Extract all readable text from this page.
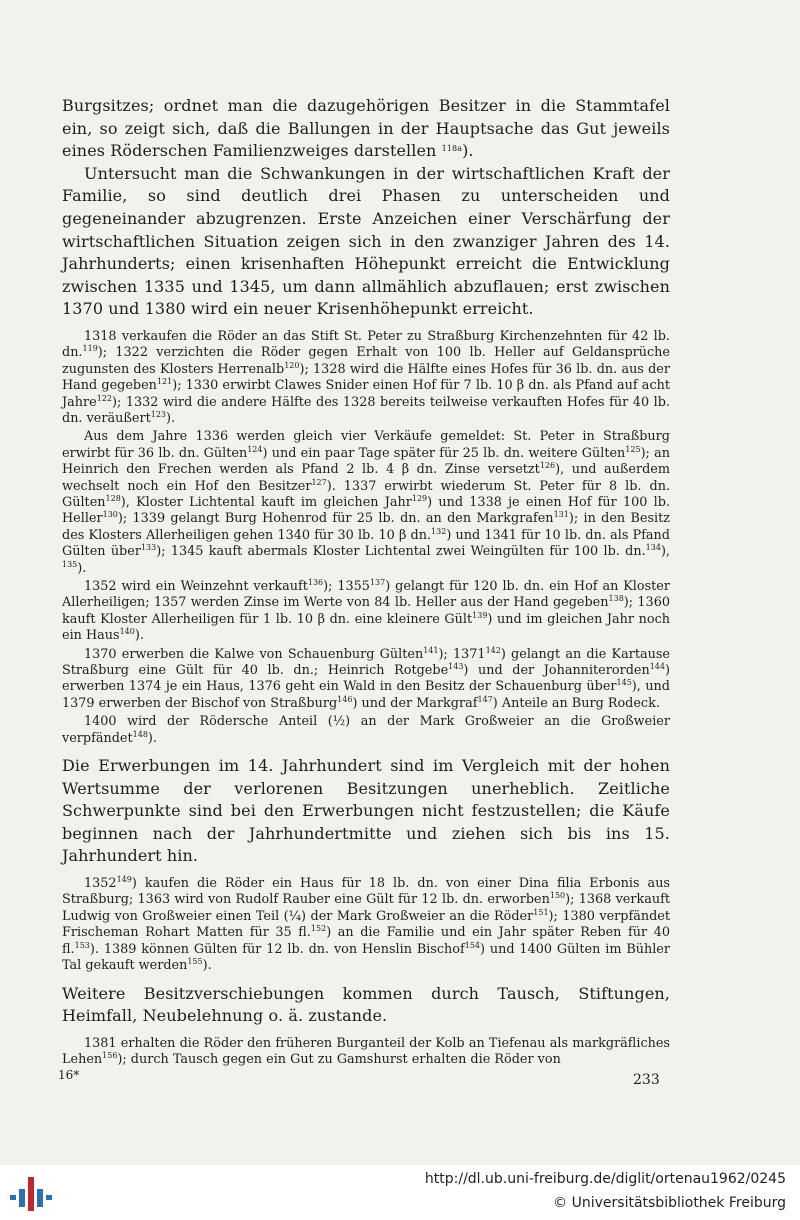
Burgsitzes; ordnet man die dazugehörigen Besitzer in die Stammtafel ein, so zeigt sich, daß die Ballungen in der Hauptsache das Gut jeweils eines Röderschen Familienzweiges darstellen $^{118a}$).

Untersucht man die Schwankungen in der wirtschaftlichen Kraft der Familie, so sind deutlich drei Phasen zu unterscheiden und gegeneinander abzugrenzen. Erste Anzeichen einer Verschärfung der wirtschaftlichen Situation zeigen sich in den zwanziger Jahren des 14. Jahrhunderts; einen krisenhaften Höhepunkt erreicht die Entwicklung zwischen 1335 und 1345, um dann allmählich abzuflauen; erst zwischen 1370 und 1380 wird ein neuer Krisenhöhepunkt erreicht.

1318 verkaufen die Röder an das Stift St. Peter zu Straßburg Kirchenzehnten für 42 lb. dn.$^{119}$); 1322 verzichten die Röder gegen Erhalt von 100 lb. Heller auf Geldansprüche zugunsten des Klosters Herrenalb$^{120}$); 1328 wird die Hälfte eines Hofes für 36 lb. dn. aus der Hand gegeben$^{121}$); 1330 erwirbt Clawes Snider einen Hof für 7 lb. 10 β dn. als Pfand auf acht Jahre$^{122}$); 1332 wird die andere Hälfte des 1328 bereits teilweise verkauften Hofes für 40 lb. dn. veräußert$^{123}$).

Aus dem Jahre 1336 werden gleich vier Verkäufe gemeldet: St. Peter in Straßburg erwirbt für 36 lb. dn. Gülten$^{124}$) und ein paar Tage später für 25 lb. dn. weitere Gülten$^{125}$); an Heinrich den Frechen werden als Pfand 2 lb. 4 β dn. Zinse versetzt$^{126}$), und außerdem wechselt noch ein Hof den Besitzer$^{127}$). 1337 erwirbt wiederum St. Peter für 8 lb. dn. Gülten$^{128}$), Kloster Lichtental kauft im gleichen Jahr$^{129}$) und 1338 je einen Hof für 100 lb. Heller$^{130}$); 1339 gelangt Burg Hohenrod für 25 lb. dn. an den Markgrafen$^{131}$); in den Besitz des Klosters Allerheiligen gehen 1340 für 30 lb. 10 β dn.$^{132}$) und 1341 für 10 lb. dn. als Pfand Gülten über$^{133}$); 1345 kauft abermals Kloster Lichtental zwei Weingülten für 100 lb. dn.$^{134}$), $^{135}$).

1352 wird ein Weinzehnt verkauft$^{136}$); 1355$^{137}$) gelangt für 120 lb. dn. ein Hof an Kloster Allerheiligen; 1357 werden Zinse im Werte von 84 lb. Heller aus der Hand gegeben$^{138}$); 1360 kauft Kloster Allerheiligen für 1 lb. 10 β dn. eine kleinere Gült$^{139}$) und im gleichen Jahr noch ein Haus$^{140}$).

1370 erwerben die Kalwe von Schauenburg Gülten$^{141}$); 1371$^{142}$) gelangt an die Kartause Straßburg eine Gült für 40 lb. dn.; Heinrich Rotgebe$^{143}$) und der Johanniterorden$^{144}$) erwerben 1374 je ein Haus, 1376 geht ein Wald in den Besitz der Schauenburg über$^{145}$), und 1379 erwerben der Bischof von Straßburg$^{146}$) und der Markgraf$^{147}$) Anteile an Burg Rodeck.

1400 wird der Rödersche Anteil (½) an der Mark Großweier an die Großweier verpfändet$^{148}$).

Die Erwerbungen im 14. Jahrhundert sind im Vergleich mit der hohen Wertsumme der verlorenen Besitzungen unerheblich. Zeitliche Schwerpunkte sind bei den Erwerbungen nicht festzustellen; die Käufe beginnen nach der Jahrhundertmitte und ziehen sich bis ins 15. Jahrhundert hin.

1352$^{149}$) kaufen die Röder ein Haus für 18 lb. dn. von einer Dina filia Erbonis aus Straßburg; 1363 wird von Rudolf Rauber eine Gült für 12 lb. dn. erworben$^{150}$); 1368 verkauft Ludwig von Großweier einen Teil (¼) der Mark Großweier an die Röder$^{151}$); 1380 verpfändet Frischeman Rohart Matten für 35 fl.$^{152}$) an die Familie und ein Jahr später Reben für 40 fl.$^{153}$). 1389 können Gülten für 12 lb. dn. von Henslin Bischof$^{154}$) und 1400 Gülten im Bühler Tal gekauft werden$^{155}$).

Weitere Besitzverschiebungen kommen durch Tausch, Stiftungen, Heimfall, Neubelehnung o. ä. zustande.

1381 erhalten die Röder den früheren Burganteil der Kolb an Tiefenau als markgräfliches Lehen$^{156}$); durch Tausch gegen ein Gut zu Gamshurst erhalten die Röder von

16*	233
http://dl.ub.uni-freiburg.de/diglit/ortenau1962/0245
© Universitätsbibliothek Freiburg
